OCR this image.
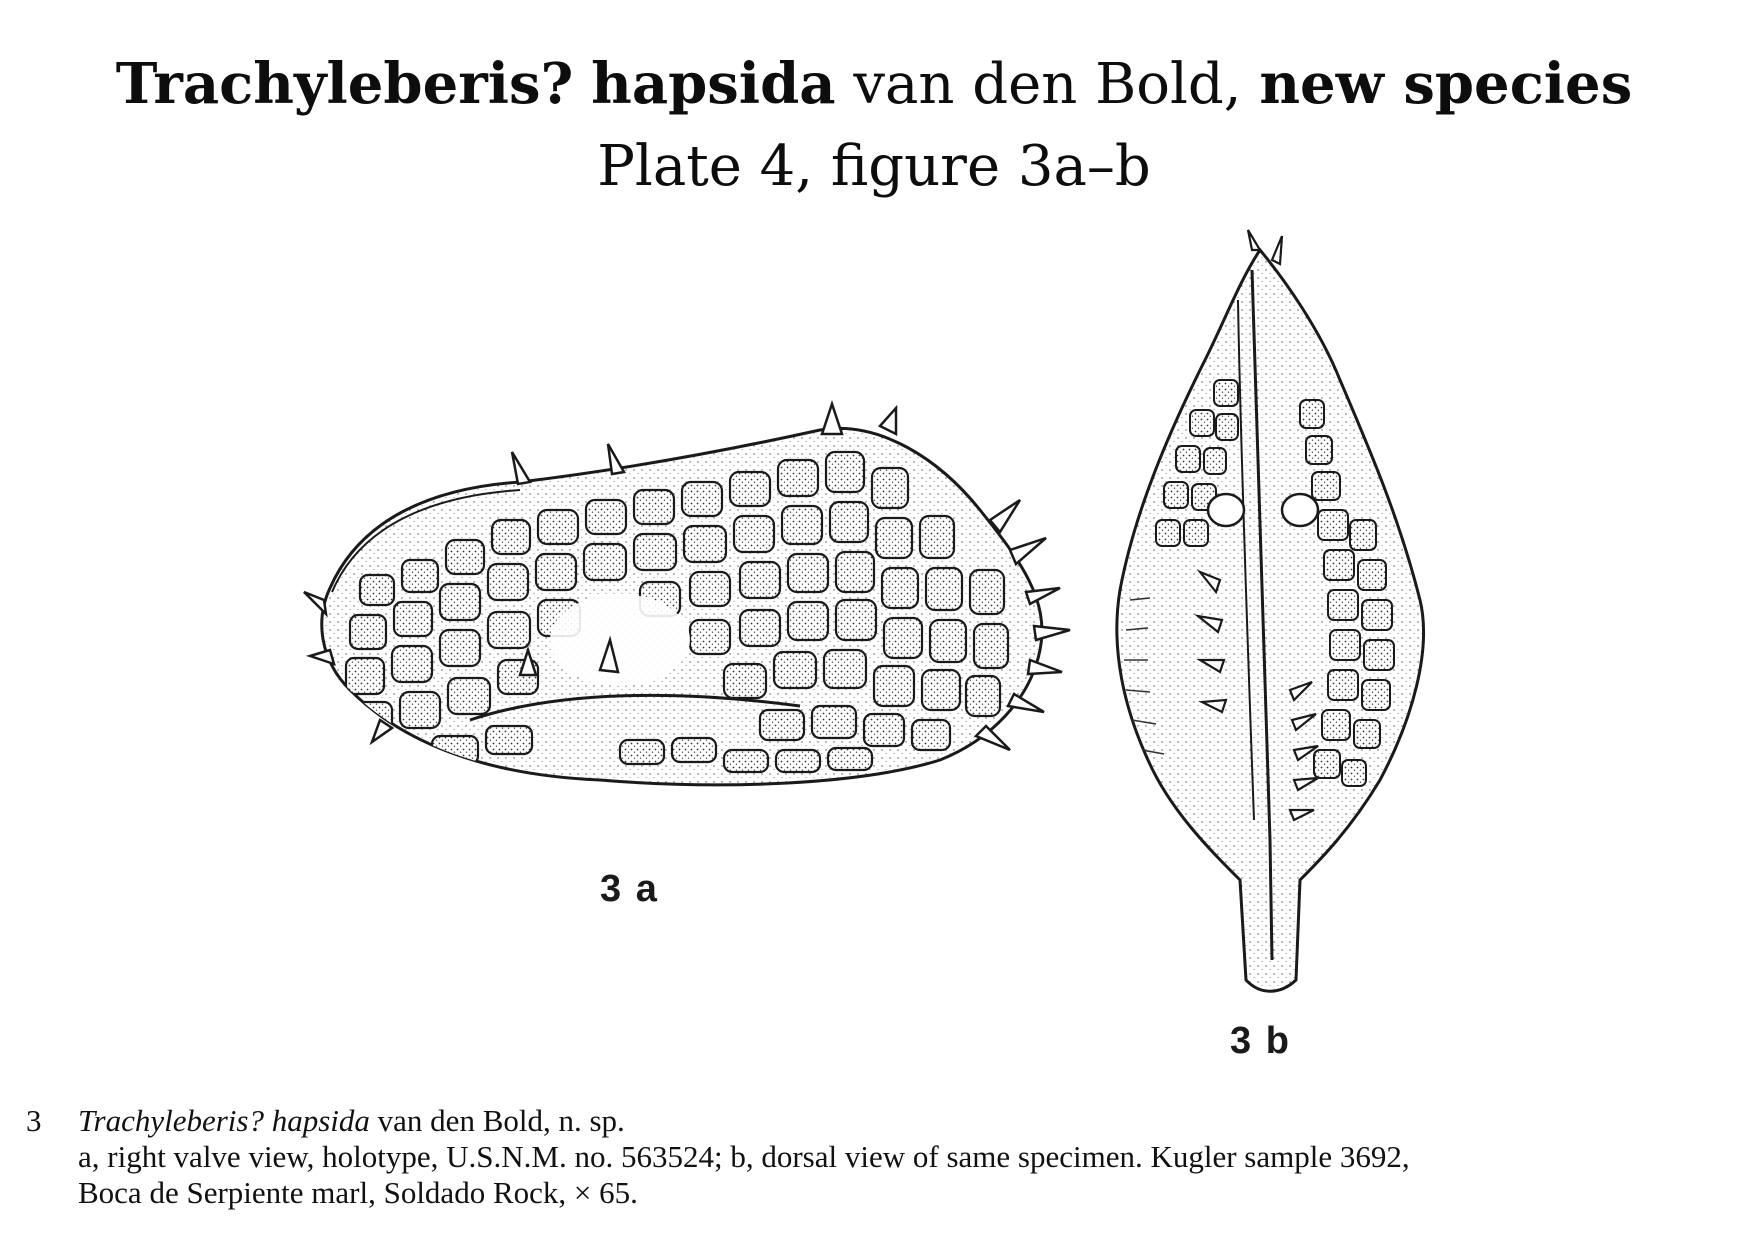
Trachyleberis? hapsida van den Bold, new species
Plate 4, figure 3a–b
3 a
3 b
3 Trachyleberis? hapsida van den Bold, n. sp.
a, right valve view, holotype, U.S.N.M. no. 563524; b, dorsal view of same specimen. Kugler sample 3692,
Boca de Serpiente marl, Soldado Rock, × 65.
